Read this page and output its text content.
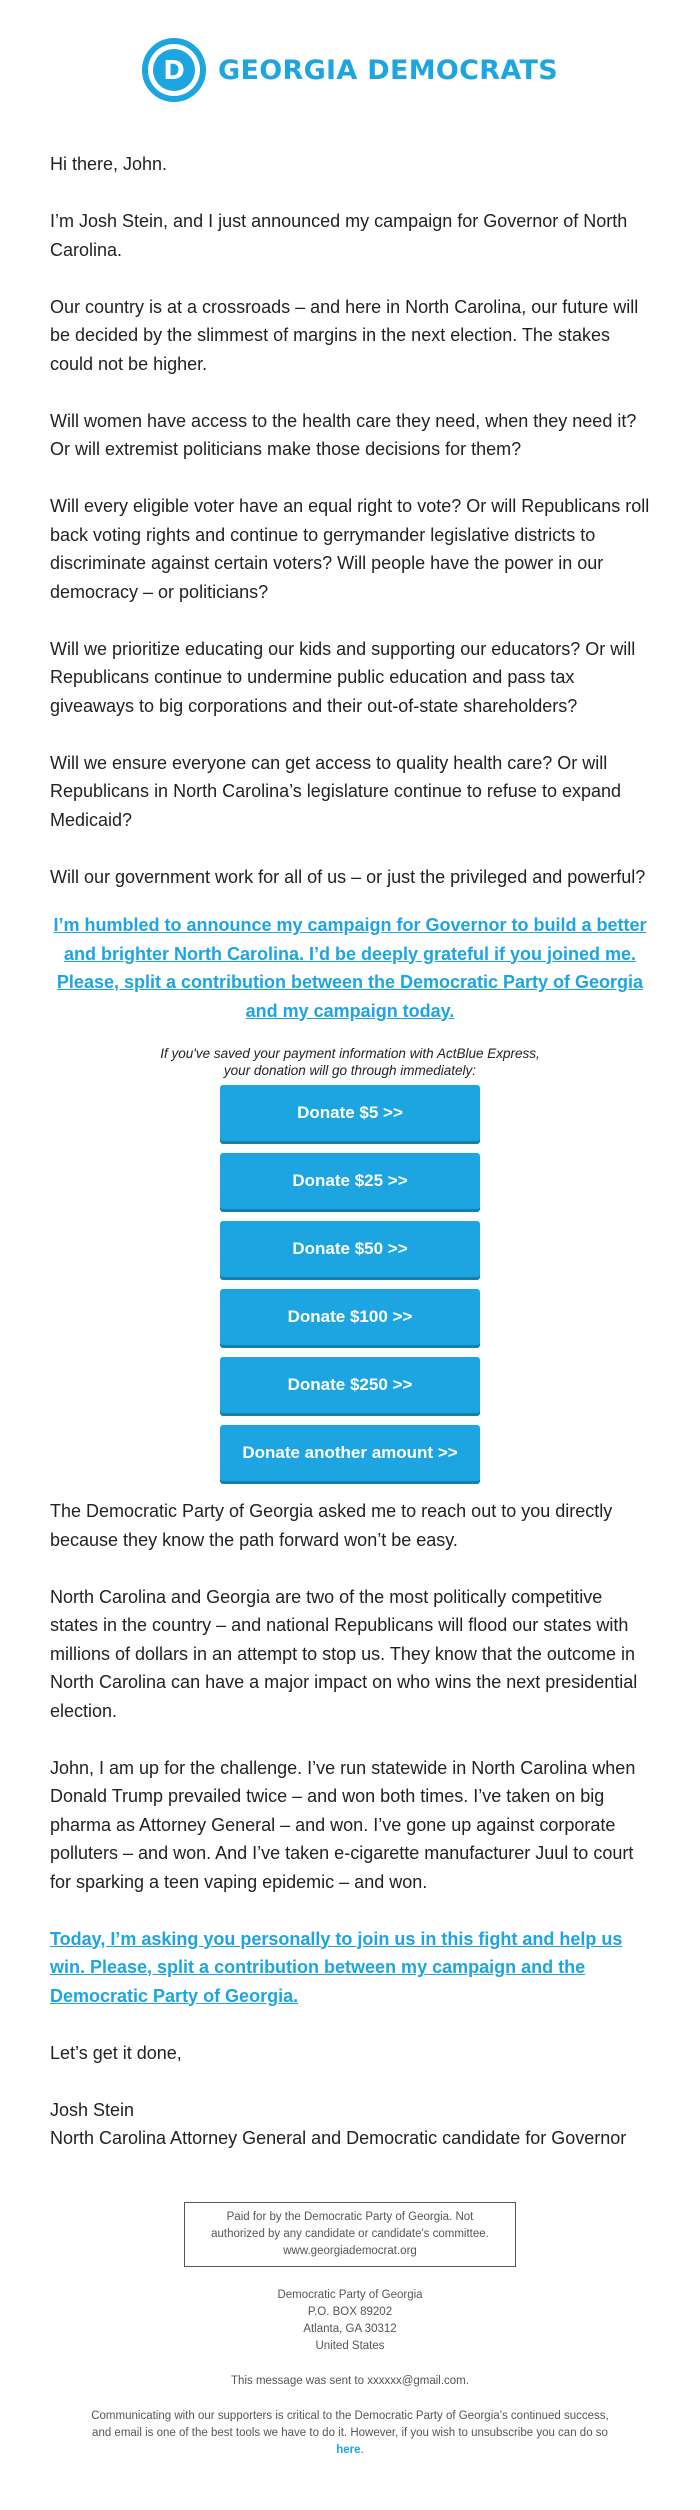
D GEORGIA DEMOCRATS

Hi there, John.

I’m Josh Stein, and I just announced my campaign for Governor of North Carolina.

Our country is at a crossroads – and here in North Carolina, our future will be decided by the slimmest of margins in the next election. The stakes could not be higher.

Will women have access to the health care they need, when they need it? Or will extremist politicians make those decisions for them?

Will every eligible voter have an equal right to vote? Or will Republicans roll back voting rights and continue to gerrymander legislative districts to discriminate against certain voters? Will people have the power in our democracy – or politicians?

Will we prioritize educating our kids and supporting our educators? Or will Republicans continue to undermine public education and pass tax giveaways to big corporations and their out-of-state shareholders?

Will we ensure everyone can get access to quality health care? Or will Republicans in North Carolina’s legislature continue to refuse to expand Medicaid?

Will our government work for all of us – or just the privileged and powerful?

I’m humbled to announce my campaign for Governor to build a better and brighter North Carolina. I’d be deeply grateful if you joined me. Please, split a contribution between the Democratic Party of Georgia and my campaign today.
If you've saved your payment information with ActBlue Express,
your donation will go through immediately:
Donate $5 >>
Donate $25 >>
Donate $50 >>
Donate $100 >>
Donate $250 >>
Donate another amount >>

The Democratic Party of Georgia asked me to reach out to you directly because they know the path forward won’t be easy.

North Carolina and Georgia are two of the most politically competitive states in the country – and national Republicans will flood our states with millions of dollars in an attempt to stop us. They know that the outcome in North Carolina can have a major impact on who wins the next presidential election.

John, I am up for the challenge. I’ve run statewide in North Carolina when Donald Trump prevailed twice – and won both times. I’ve taken on big pharma as Attorney General – and won. I’ve gone up against corporate polluters – and won. And I’ve taken e-cigarette manufacturer Juul to court for sparking a teen vaping epidemic – and won.

Today, I’m asking you personally to join us in this fight and help us win. Please, split a contribution between my campaign and the Democratic Party of Georgia.

Let’s get it done,

Josh Stein

North Carolina Attorney General and Democratic candidate for Governor

Paid for by the Democratic Party of Georgia. Not
authorized by any candidate or candidate's committee.
www.georgiademocrat.org
Democratic Party of Georgia
P.O. BOX 89202
Atlanta, GA 30312
United States
This message was sent to xxxxxx@gmail.com.
Communicating with our supporters is critical to the Democratic Party of Georgia’s continued success, and email is one of the best tools we have to do it. However, if you wish to unsubscribe you can do so here.
